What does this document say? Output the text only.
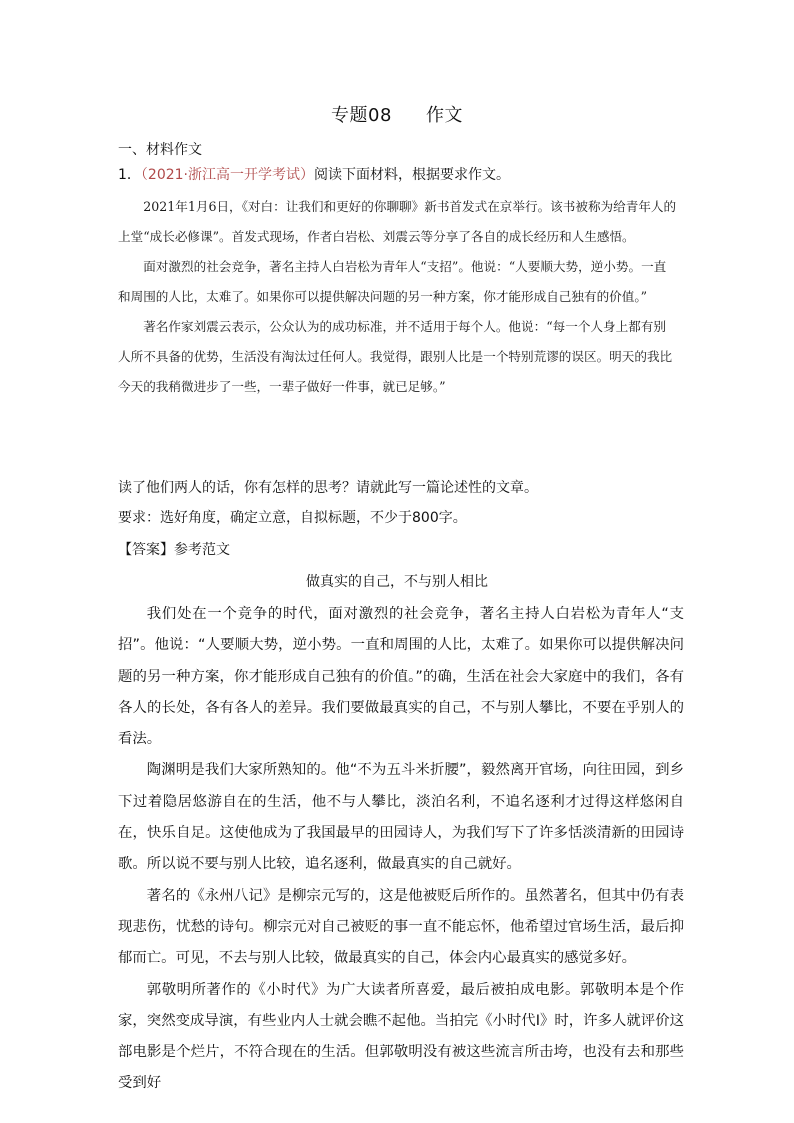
专题08 作文
一、材料作文
1．（2021·浙江高一开学考试）阅读下面材料，根据要求作文。

2021年1月6日，《对白：让我们和更好的你聊聊》新书首发式在京举行。该书被称为给青年人的上堂“成长必修课”。首发式现场，作者白岩松、刘震云等分享了各自的成长经历和人生感悟。

面对激烈的社会竞争，著名主持人白岩松为青年人“支招”。他说：“人要顺大势，逆小势。一直和周围的人比，太难了。如果你可以提供解决问题的另一种方案，你才能形成自己独有的价值。”

著名作家刘震云表示，公众认为的成功标准，并不适用于每个人。他说：“每一个人身上都有别人所不具备的优势，生活没有淘汰过任何人。我觉得，跟别人比是一个特别荒谬的误区。明天的我比今天的我稍微进步了一些，一辈子做好一件事，就已足够。”

读了他们两人的话，你有怎样的思考？请就此写一篇论述性的文章。
要求：选好角度，确定立意，自拟标题，不少于800字。
【答案】参考范文
做真实的自己，不与别人相比

我们处在一个竞争的时代，面对激烈的社会竞争，著名主持人白岩松为青年人“支招”。他说：“人要顺大势，逆小势。一直和周围的人比，太难了。如果你可以提供解决问题的另一种方案，你才能形成自己独有的价值。”的确，生活在社会大家庭中的我们，各有各人的长处，各有各人的差异。我们要做最真实的自己，不与别人攀比，不要在乎别人的看法。

陶渊明是我们大家所熟知的。他“不为五斗米折腰”，毅然离开官场，向往田园，到乡下过着隐居悠游自在的生活，他不与人攀比，淡泊名利，不追名逐利才过得这样悠闲自在，快乐自足。这使他成为了我国最早的田园诗人，为我们写下了许多恬淡清新的田园诗歌。所以说不要与别人比较，追名逐利，做最真实的自己就好。

著名的《永州八记》是柳宗元写的，这是他被贬后所作的。虽然著名，但其中仍有表现悲伤，忧愁的诗句。柳宗元对自己被贬的事一直不能忘怀，他希望过官场生活，最后抑郁而亡。可见，不去与别人比较，做最真实的自己，体会内心最真实的感觉多好。

郭敬明所著作的《小时代》为广大读者所喜爱，最后被拍成电影。郭敬明本是个作家，突然变成导演，有些业内人士就会瞧不起他。当拍完《小时代Ⅰ》时，许多人就评价这部电影是个烂片，不符合现在的生活。但郭敬明没有被这些流言所击垮，也没有去和那些受到好
